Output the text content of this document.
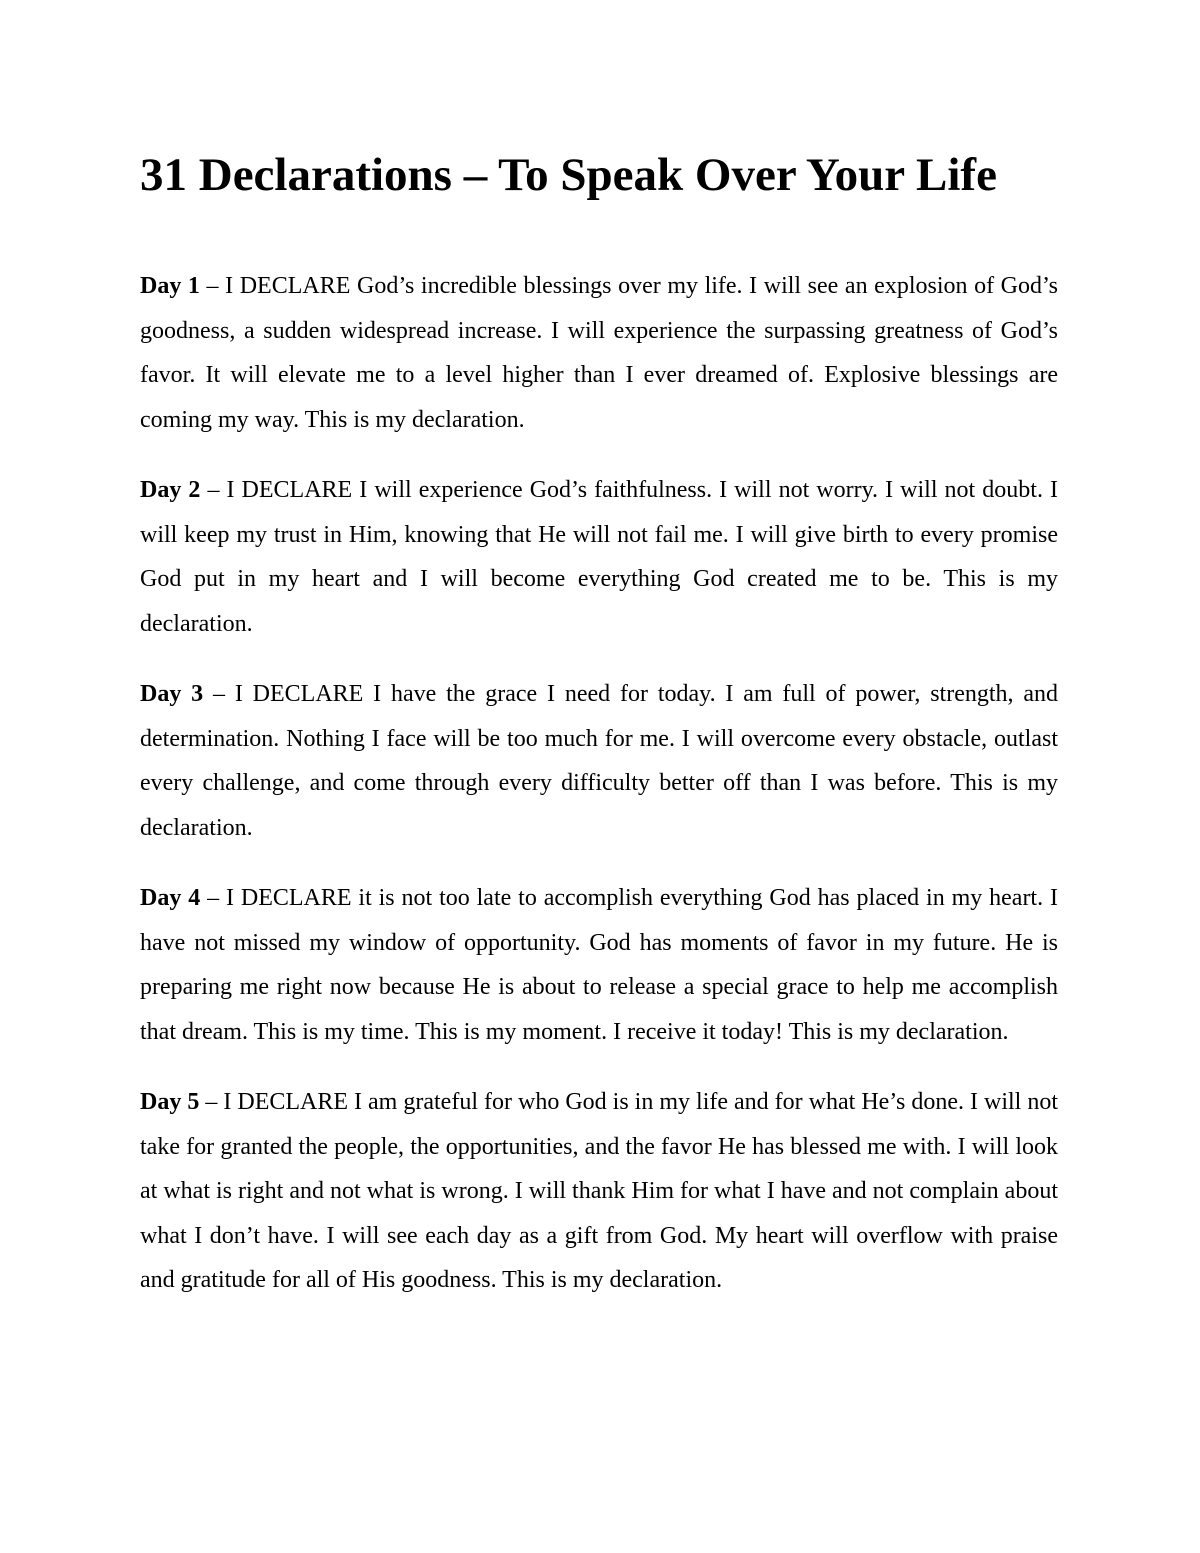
31 Declarations – To Speak Over Your Life

Day 1 – I DECLARE God’s incredible blessings over my life. I will see an explosion of God’s goodness, a sudden widespread increase. I will experience the surpassing greatness of God’s favor. It will elevate me to a level higher than I ever dreamed of. Explosive blessings are coming my way. This is my declaration.

Day 2 – I DECLARE I will experience God’s faithfulness. I will not worry. I will not doubt. I will keep my trust in Him, knowing that He will not fail me. I will give birth to every promise God put in my heart and I will become everything God created me to be. This is my declaration.

Day 3 – I DECLARE I have the grace I need for today. I am full of power, strength, and determination. Nothing I face will be too much for me. I will overcome every obstacle, outlast every challenge, and come through every difficulty better off than I was before. This is my declaration.

Day 4 – I DECLARE it is not too late to accomplish everything God has placed in my heart. I have not missed my window of opportunity. God has moments of favor in my future. He is preparing me right now because He is about to release a special grace to help me accomplish that dream. This is my time. This is my moment. I receive it today! This is my declaration.

Day 5 – I DECLARE I am grateful for who God is in my life and for what He’s done. I will not take for granted the people, the opportunities, and the favor He has blessed me with. I will look at what is right and not what is wrong. I will thank Him for what I have and not complain about what I don’t have. I will see each day as a gift from God. My heart will overflow with praise and gratitude for all of His goodness. This is my declaration.
